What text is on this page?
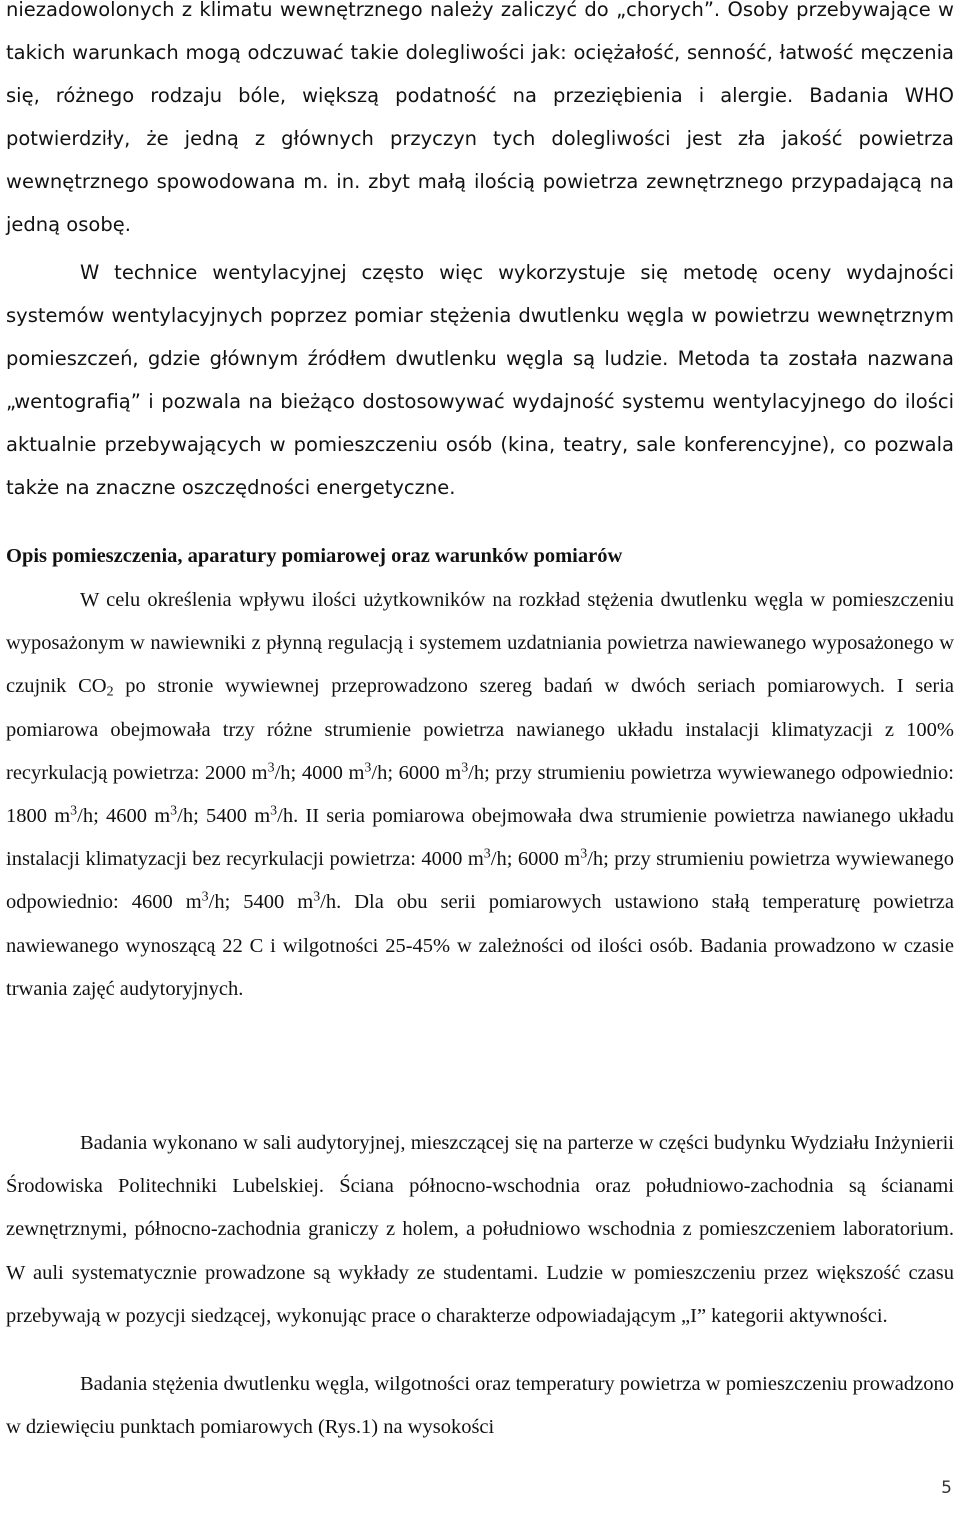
niezadowolonych z klimatu wewnętrznego należy zaliczyć do „chorych”. Osoby przebywające w takich warunkach mogą odczuwać takie dolegliwości jak: ociężałość, senność, łatwość męczenia się, różnego rodzaju bóle, większą podatność na przeziębienia i alergie. Badania WHO potwierdziły, że jedną z głównych przyczyn tych dolegliwości jest zła jakość powietrza wewnętrznego spowodowana m. in. zbyt małą ilością powietrza zewnętrznego przypadającą na jedną osobę.

W technice wentylacyjnej często więc wykorzystuje się metodę oceny wydajności systemów wentylacyjnych poprzez pomiar stężenia dwutlenku węgla w powietrzu wewnętrznym pomieszczeń, gdzie głównym źródłem dwutlenku węgla są ludzie. Metoda ta została nazwana „wentografią” i pozwala na bieżąco dostosowywać wydajność systemu wentylacyjnego do ilości aktualnie przebywających w pomieszczeniu osób (kina, teatry, sale konferencyjne), co pozwala także na znaczne oszczędności energetyczne.

Opis pomieszczenia, aparatury pomiarowej oraz warunków pomiarów

W celu określenia wpływu ilości użytkowników na rozkład stężenia dwutlenku węgla w pomieszczeniu wyposażonym w nawiewniki z płynną regulacją i systemem uzdatniania powietrza nawiewanego wyposażonego w czujnik $CO_2$ po stronie wywiewnej przeprowadzono szereg badań w dwóch seriach pomiarowych. I seria pomiarowa obejmowała trzy różne strumienie powietrza nawianego układu instalacji klimatyzacji z 100% recyrkulacją powietrza: 2000 $m^3/h$; 4000 $m^3/h$; 6000 $m^3/h$; przy strumieniu powietrza wywiewanego odpowiednio: 1800 $m^3/h$; 4600 $m^3/h$; 5400 $m^3/h$. II seria pomiarowa obejmowała dwa strumienie powietrza nawianego układu instalacji klimatyzacji bez recyrkulacji powietrza: 4000 $m^3/h$; 6000 $m^3/h$; przy strumieniu powietrza wywiewanego odpowiednio: 4600 $m^3/h$; 5400 $m^3/h$. Dla obu serii pomiarowych ustawiono stałą temperaturę powietrza nawiewanego wynoszącą 22 C i wilgotności 25-45% w zależności od ilości osób. Badania prowadzono w czasie trwania zajęć audytoryjnych.

Badania wykonano w sali audytoryjnej, mieszczącej się na parterze w części budynku Wydziału Inżynierii Środowiska Politechniki Lubelskiej. Ściana północno-wschodnia oraz południowo-zachodnia są ścianami zewnętrznymi, północno-zachodnia graniczy z holem, a południowo wschodnia z pomieszczeniem laboratorium. W auli systematycznie prowadzone są wykłady ze studentami. Ludzie w pomieszczeniu przez większość czasu przebywają w pozycji siedzącej, wykonując prace o charakterze odpowiadającym „I” kategorii aktywności.

Badania stężenia dwutlenku węgla, wilgotności oraz temperatury powietrza w pomieszczeniu prowadzono w dziewięciu punktach pomiarowych (Rys.1) na wysokości

5
